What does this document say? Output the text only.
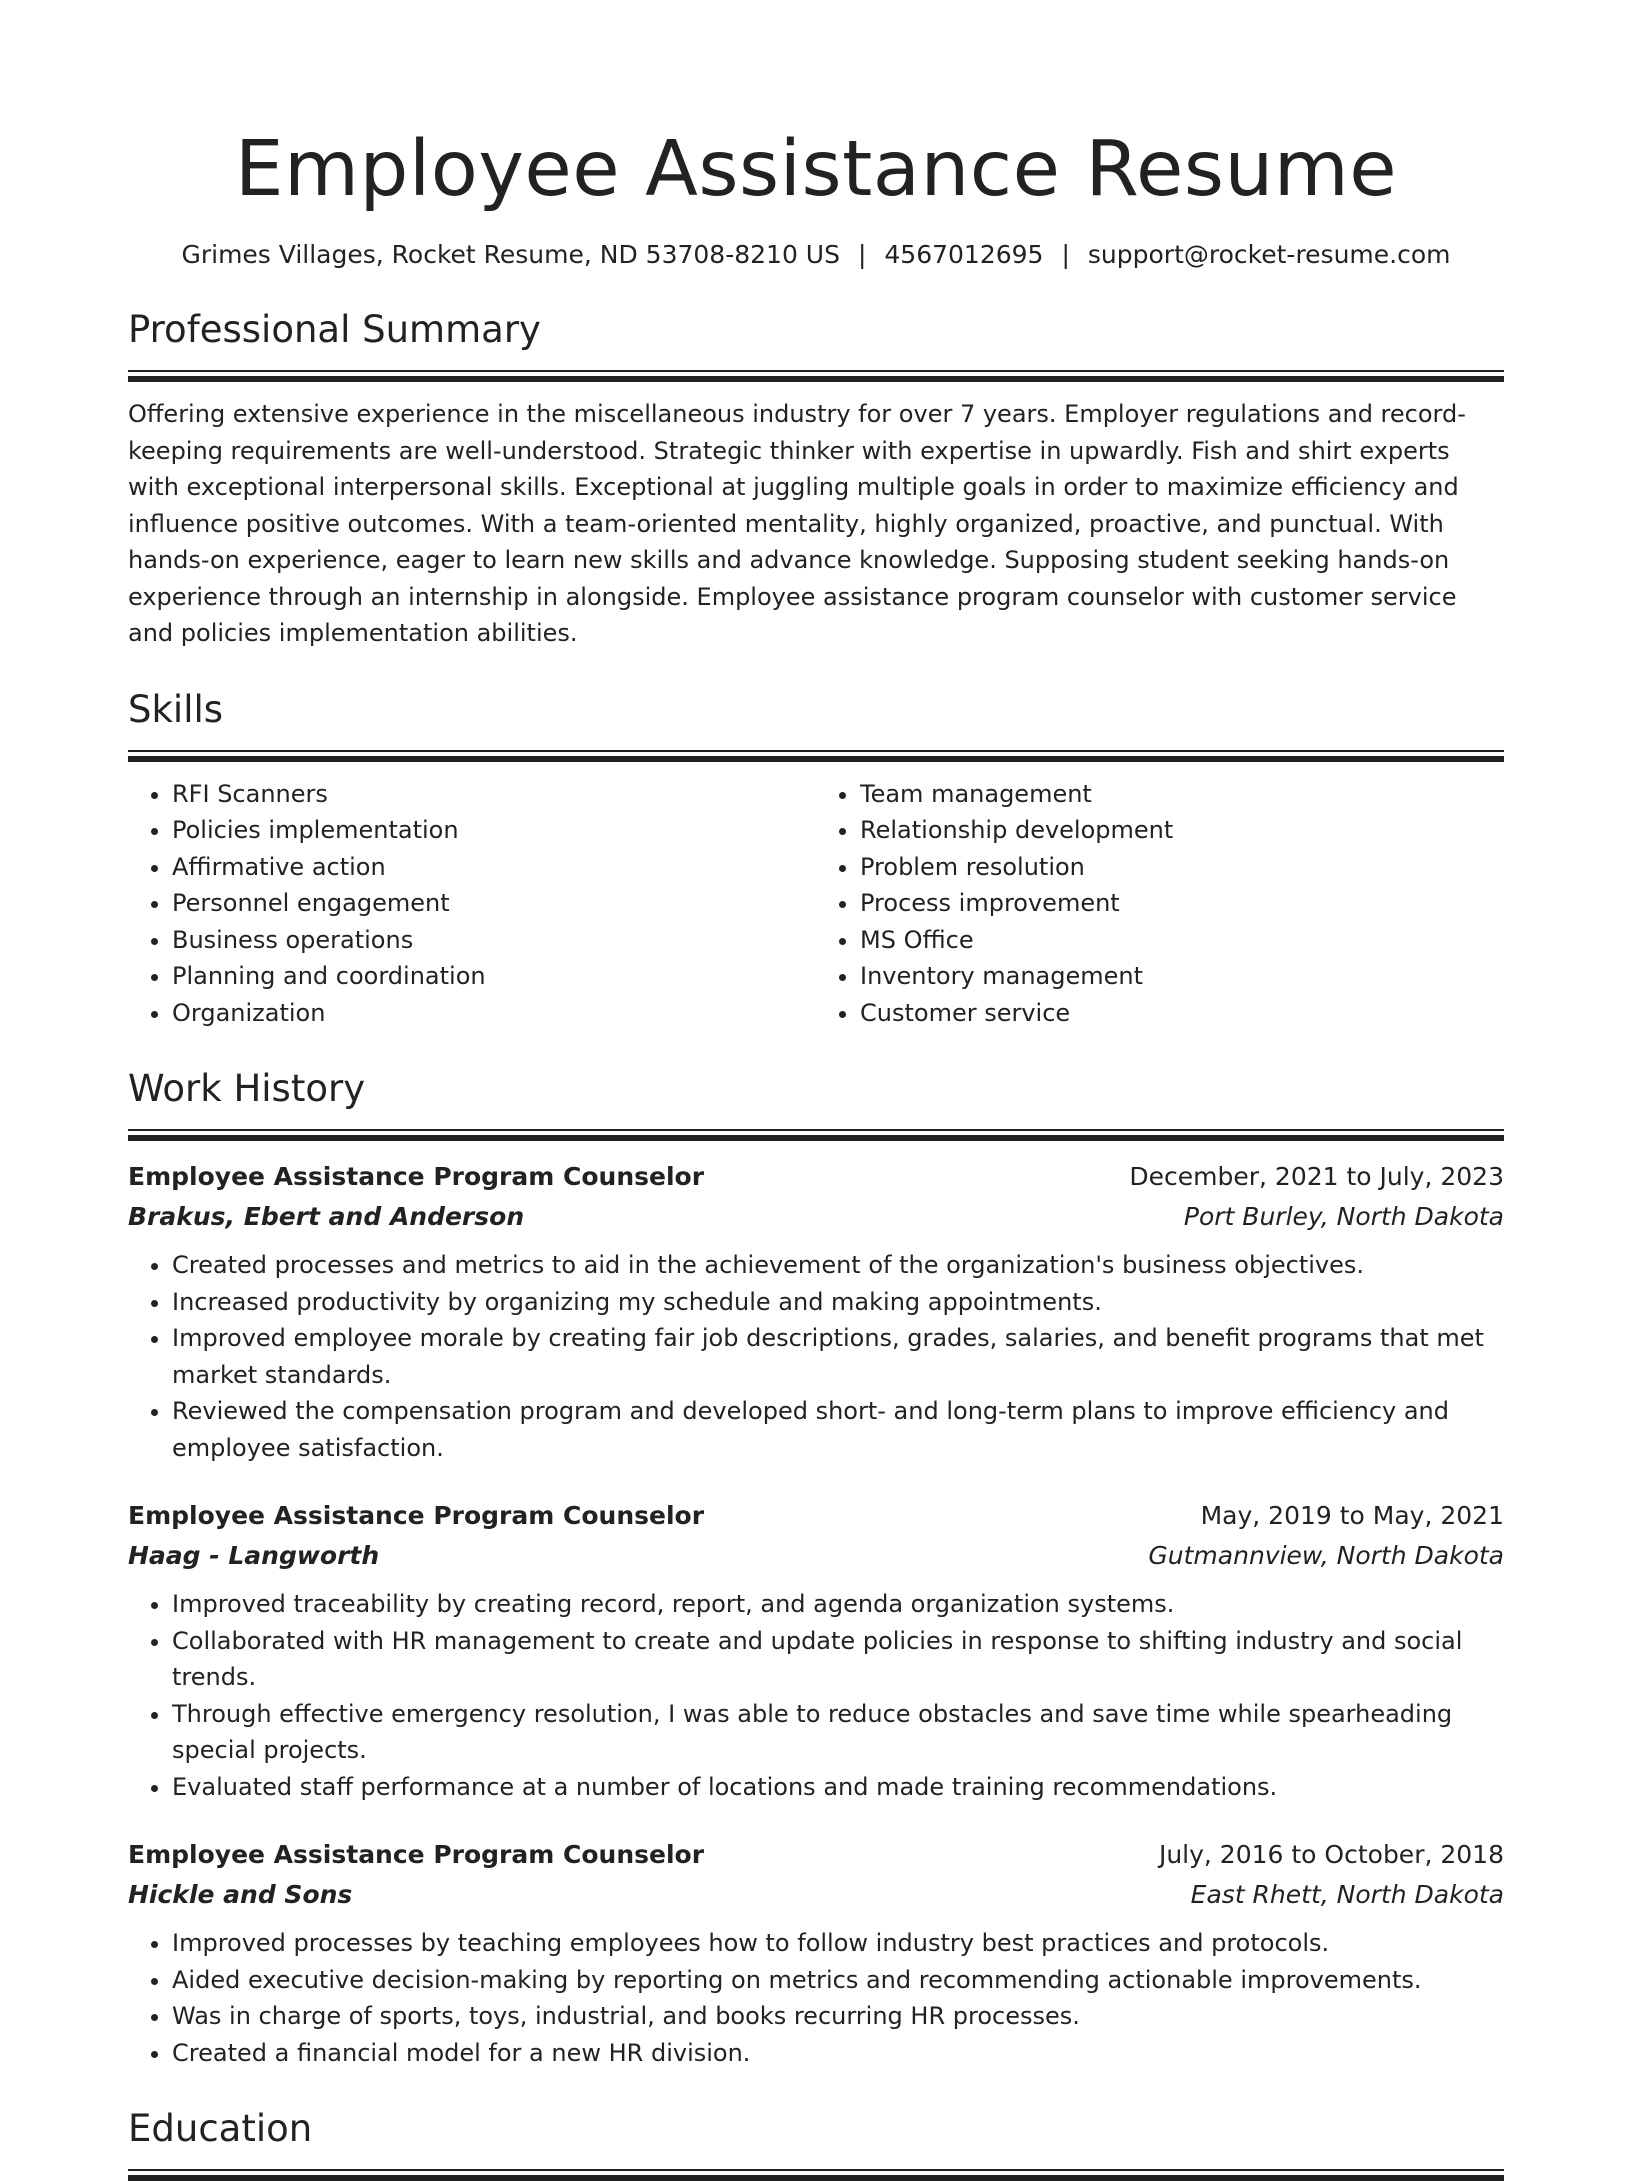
Employee Assistance Resume
Grimes Villages, Rocket Resume, ND 53708-8210 US | 4567012695 | support@rocket-resume.com
Professional Summary
Offering extensive experience in the miscellaneous industry for over 7 years. Employer regulations and record-keeping requirements are well-understood. Strategic thinker with expertise in upwardly. Fish and shirt experts with exceptional interpersonal skills. Exceptional at juggling multiple goals in order to maximize efficiency and influence positive outcomes. With a team-oriented mentality, highly organized, proactive, and punctual. With hands-on experience, eager to learn new skills and advance knowledge. Supposing student seeking hands-on experience through an internship in alongside. Employee assistance program counselor with customer service and policies implementation abilities.
Skills
• RFI Scanners
• Policies implementation
• Affirmative action
• Personnel engagement
• Business operations
• Planning and coordination
• Organization
• Team management
• Relationship development
• Problem resolution
• Process improvement
• MS Office
• Inventory management
• Customer service
Work History
Employee Assistance Program Counselor	December, 2021 to July, 2023
Brakus, Ebert and Anderson	Port Burley, North Dakota
• Created processes and metrics to aid in the achievement of the organization's business objectives.
• Increased productivity by organizing my schedule and making appointments.
• Improved employee morale by creating fair job descriptions, grades, salaries, and benefit programs that met market standards.
• Reviewed the compensation program and developed short- and long-term plans to improve efficiency and employee satisfaction.
Employee Assistance Program Counselor	May, 2019 to May, 2021
Haag - Langworth	Gutmannview, North Dakota
• Improved traceability by creating record, report, and agenda organization systems.
• Collaborated with HR management to create and update policies in response to shifting industry and social trends.
• Through effective emergency resolution, I was able to reduce obstacles and save time while spearheading special projects.
• Evaluated staff performance at a number of locations and made training recommendations.
Employee Assistance Program Counselor	July, 2016 to October, 2018
Hickle and Sons	East Rhett, North Dakota
• Improved processes by teaching employees how to follow industry best practices and protocols.
• Aided executive decision-making by reporting on metrics and recommending actionable improvements.
• Was in charge of sports, toys, industrial, and books recurring HR processes.
• Created a financial model for a new HR division.
Education
